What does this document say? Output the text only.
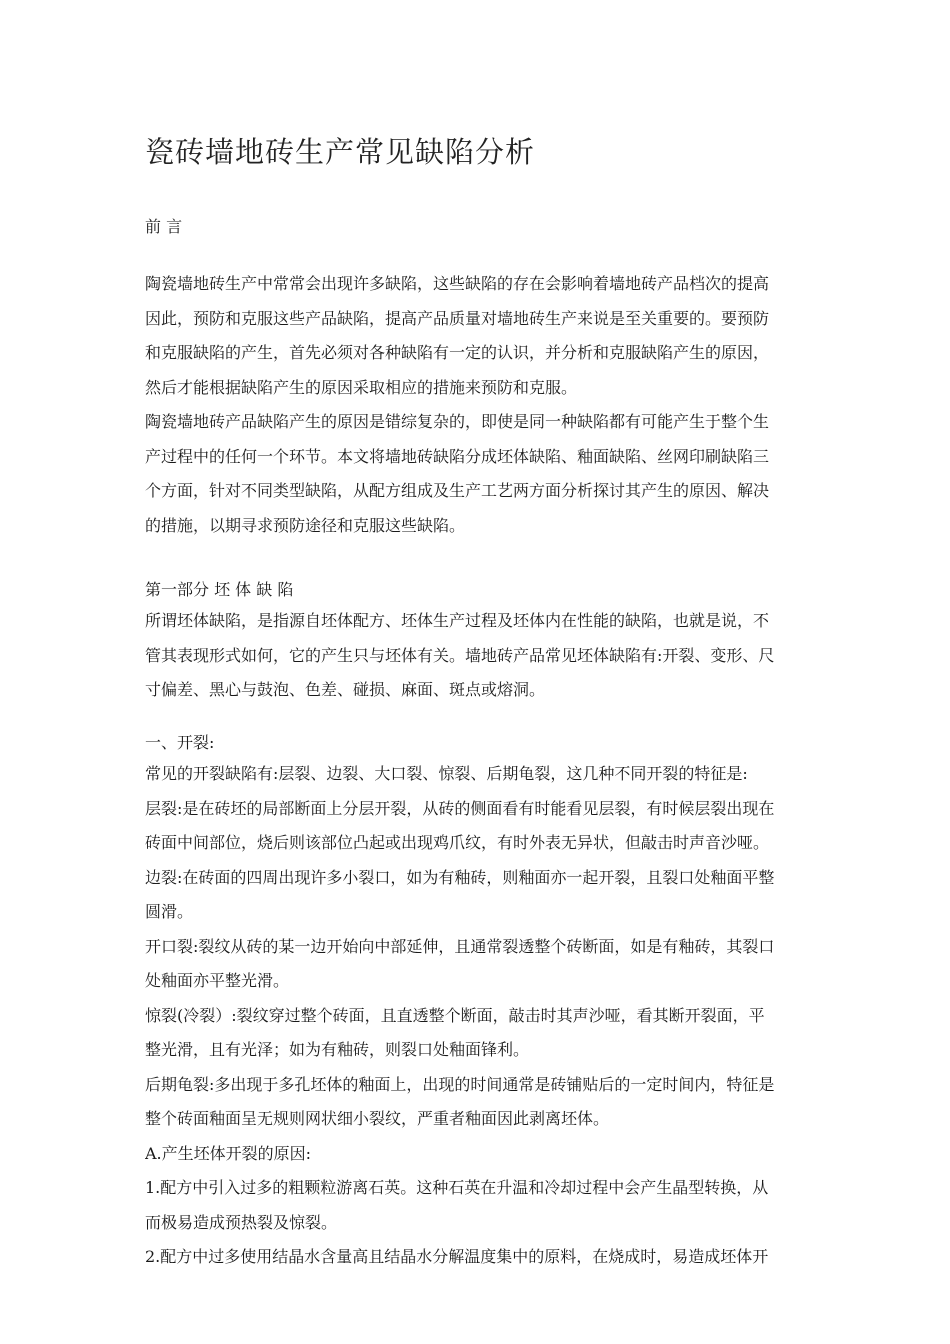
瓷砖墙地砖生产常见缺陷分析
前 言

陶瓷墙地砖生产中常常会出现许多缺陷，这些缺陷的存在会影响着墙地砖产品档次的提高
因此，预防和克服这些产品缺陷，提高产品质量对墙地砖生产来说是至关重要的。要预防
和克服缺陷的产生，首先必须对各种缺陷有一定的认识，并分析和克服缺陷产生的原因，
然后才能根据缺陷产生的原因采取相应的措施来预防和克服。

陶瓷墙地砖产品缺陷产生的原因是错综复杂的，即使是同一种缺陷都有可能产生于整个生
产过程中的任何一个环节。本文将墙地砖缺陷分成坯体缺陷、釉面缺陷、丝网印刷缺陷三
个方面，针对不同类型缺陷，从配方组成及生产工艺两方面分析探讨其产生的原因、解决
的措施，以期寻求预防途径和克服这些缺陷。

第一部分 坯 体 缺 陷
所谓坯体缺陷，是指源自坯体配方、坯体生产过程及坯体内在性能的缺陷，也就是说，不
管其表现形式如何，它的产生只与坯体有关。墙地砖产品常见坯体缺陷有:开裂、变形、尺
寸偏差、黑心与鼓泡、色差、碰损、麻面、斑点或熔洞。
一、开裂:
常见的开裂缺陷有:层裂、边裂、大口裂、惊裂、后期龟裂，这几种不同开裂的特征是:
层裂:是在砖坯的局部断面上分层开裂，从砖的侧面看有时能看见层裂，有时候层裂出现在
砖面中间部位，烧后则该部位凸起或出现鸡爪纹，有时外表无异状，但敲击时声音沙哑。
边裂:在砖面的四周出现许多小裂口，如为有釉砖，则釉面亦一起开裂，且裂口处釉面平整
圆滑。
开口裂:裂纹从砖的某一边开始向中部延伸，且通常裂透整个砖断面，如是有釉砖，其裂口
处釉面亦平整光滑。
惊裂(冷裂）:裂纹穿过整个砖面，且直透整个断面，敲击时其声沙哑，看其断开裂面，平
整光滑，且有光泽；如为有釉砖，则裂口处釉面锋利。
后期龟裂:多出现于多孔坯体的釉面上，出现的时间通常是砖铺贴后的一定时间内，特征是
整个砖面釉面呈无规则网状细小裂纹，严重者釉面因此剥离坯体。
A.产生坯体开裂的原因:
1.配方中引入过多的粗颗粒游离石英。这种石英在升温和冷却过程中会产生晶型转换，从
而极易造成预热裂及惊裂。
2.配方中过多使用结晶水含量高且结晶水分解温度集中的原料，在烧成时，易造成坯体开
